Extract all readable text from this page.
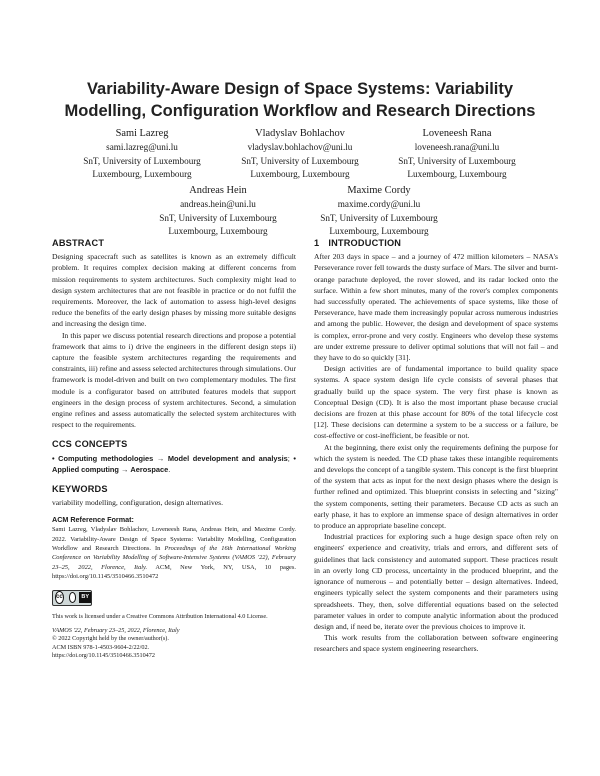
Variability-Aware Design of Space Systems: Variability
Modelling, Configuration Workflow and Research Directions
Sami Lazreg
sami.lazreg@uni.lu
SnT, University of Luxembourg
Luxembourg, Luxembourg
Vladyslav Bohlachov
vladyslav.bohlachov@uni.lu
SnT, University of Luxembourg
Luxembourg, Luxembourg
Loveneesh Rana
loveneesh.rana@uni.lu
SnT, University of Luxembourg
Luxembourg, Luxembourg
Andreas Hein
andreas.hein@uni.lu
SnT, University of Luxembourg
Luxembourg, Luxembourg
Maxime Cordy
maxime.cordy@uni.lu
SnT, University of Luxembourg
Luxembourg, Luxembourg
ABSTRACT

Designing spacecraft such as satellites is known as an extremely difficult problem. It requires complex decision making at different concerns from mission requirements to system architectures. Such complexity might lead to design system architectures that are not feasible in practice or do not fulfil the requirements. Moreover, the lack of automation to assess high-level designs reduce the benefits of the early design phases by missing more suitable designs and increasing the design time.

In this paper we discuss potential research directions and propose a potential framework that aims to i) drive the engineers in the different design steps ii) capture the feasible system architectures regarding the requirements and constraints, iii) refine and assess selected architectures through simulations. Our framework is model-driven and built on two complementary modules. The first module is a configurator based on attributed features models that support engineers in the design process of system architectures. Second, a simulation engine refines and assess automatically the selected system architectures with respect to the requirements.

CCS CONCEPTS

• Computing methodologies → Model development and analysis; • Applied computing → Aerospace.

KEYWORDS

variability modelling, configuration, design alternatives.

ACM Reference Format:

Sami Lazreg, Vladyslav Bohlachov, Loveneesh Rana, Andreas Hein, and Maxime Cordy. 2022. Variability-Aware Design of Space Systems: Variability Modelling, Configuration Workflow and Research Directions. In Proceedings of the 16th International Working Conference on Variability Modelling of Software-Intensive Systems (VAMOS '22), February 23–25, 2022, Florence, Italy. ACM, New York, NY, USA, 10 pages. https://doi.org/10.1145/3510466.3510472

cc	BY

This work is licensed under a Creative Commons Attribution International 4.0 License.

VAMOS '22, February 23–25, 2022, Florence, Italy
© 2022 Copyright held by the owner/author(s).
ACM ISBN 978-1-4503-9604-2/22/02.
https://doi.org/10.1145/3510466.3510472
1 INTRODUCTION

After 203 days in space – and a journey of 472 million kilometers – NASA's Perseverance rover fell towards the dusty surface of Mars. The silver and burnt-orange parachute deployed, the rover slowed, and its radar locked onto the surface. Within a few short minutes, many of the rover's complex components had successfully operated. The achievements of space systems, like those of Perseverance, have made them increasingly popular across numerous industries and among the public. However, the design and development of space systems is complex, error-prone and very costly. Engineers who develop these systems are under extreme pressure to deliver optimal solutions that will not fail – and they have to do so quickly [31].

Design activities are of fundamental importance to build quality space systems. A space system design life cycle consists of several phases that gradually build up the space system. The very first phase is known as Conceptual Design (CD). It is also the most important phase because crucial decisions are frozen at this phase account for 80% of the total lifecycle cost [12]. These decisions can determine a system to be a success or a failure, be cost-effective or cost-inefficient, be feasible or not.

At the beginning, there exist only the requirements defining the purpose for which the system is needed. The CD phase takes these intangible requirements and develops the concept of a tangible system. This concept is the first blueprint of the system that acts as input for the next design phases where the design is further refined and optimized. This blueprint consists in selecting and "sizing" the system components, setting their parameters. Because CD acts as such an early phase, it has to explore an immense space of design alternatives in order to produce an appropriate baseline concept.

Industrial practices for exploring such a huge design space often rely on engineers' experience and creativity, trials and errors, and different sets of guidelines that lack consistency and automated support. These practices result in an overly long CD process, uncertainty in the produced blueprint, and the ignorance of numerous – and potentially better – design alternatives. Indeed, engineers typically select the system components and their parameters using spreadsheets. They, then, solve differential equations based on the selected parameter values in order to compute analytic information about the produced design and, if need be, iterate over the previous choices to improve it.

This work results from the collaboration between software engineering researchers and space system engineering researchers.
